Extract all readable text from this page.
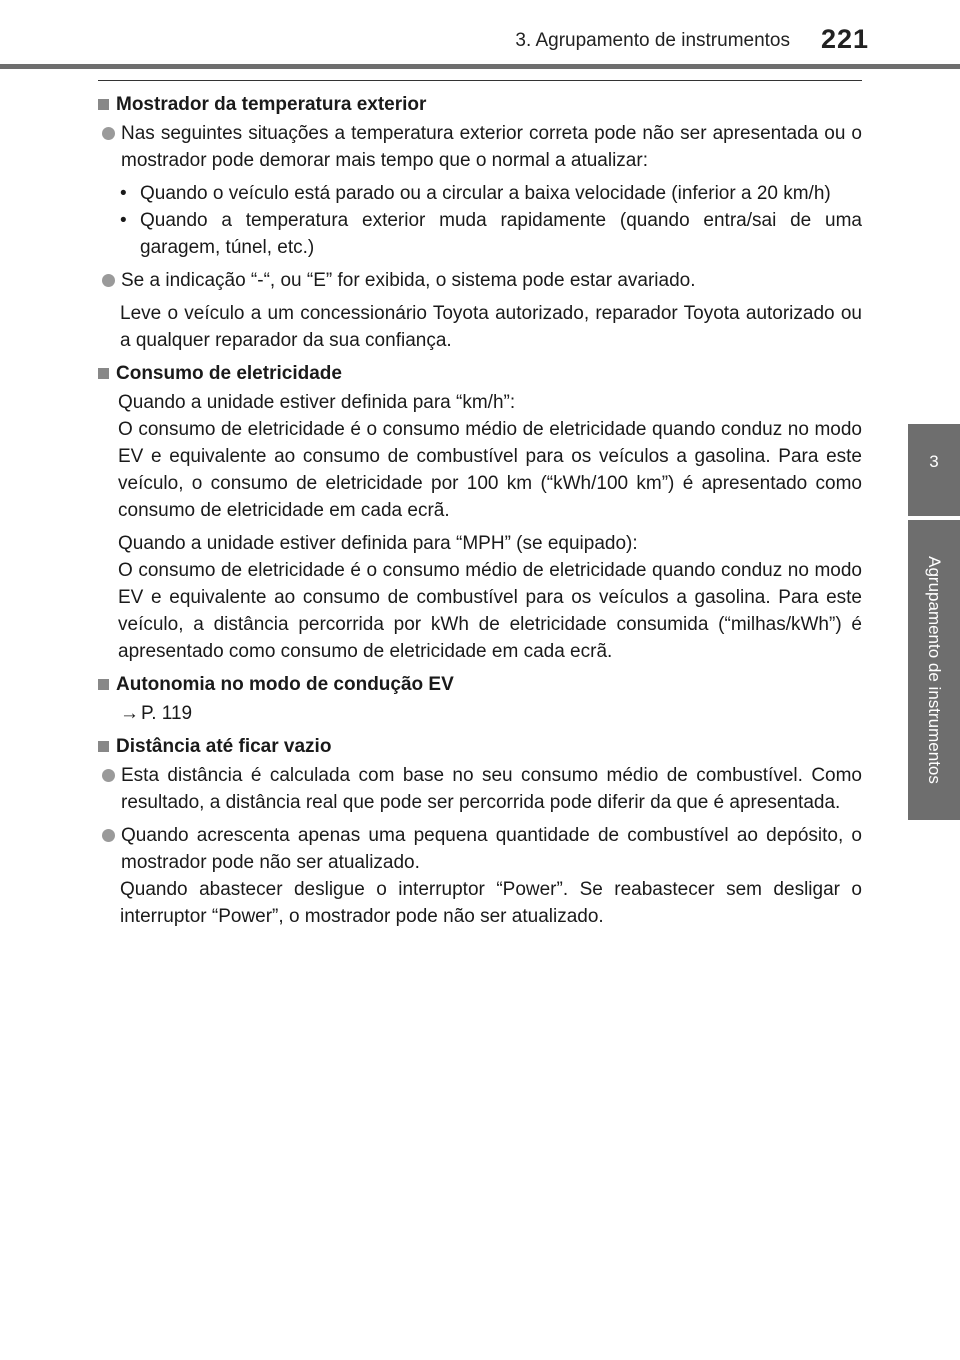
3. Agrupamento de instrumentos	221
3
Agrupamento de instrumentos
Mostrador da temperatura exterior
Nas seguintes situações a temperatura exterior correta pode não ser apresentada ou o mostrador pode demorar mais tempo que o normal a atualizar:
• Quando o veículo está parado ou a circular a baixa velocidade (inferior a 20 km/h)
• Quando a temperatura exterior muda rapidamente (quando entra/sai de uma garagem, túnel, etc.)
Se a indicação “-“, ou “E” for exibida, o sistema pode estar avariado.
Leve o veículo a um concessionário Toyota autorizado, reparador Toyota autorizado ou a qualquer reparador da sua confiança.
Consumo de eletricidade
Quando a unidade estiver definida para “km/h”:
O consumo de eletricidade é o consumo médio de eletricidade quando conduz no modo EV e equivalente ao consumo de combustível para os veículos a gasolina. Para este veículo, o consumo de eletricidade por 100 km (“kWh/100 km”) é apresentado como consumo de eletricidade em cada ecrã.
Quando a unidade estiver definida para “MPH” (se equipado):
O consumo de eletricidade é o consumo médio de eletricidade quando conduz no modo EV e equivalente ao consumo de combustível para os veículos a gasolina. Para este veículo, a distância percorrida por kWh de eletricidade consumida (“milhas/kWh”) é apresentado como consumo de eletricidade em cada ecrã.
Autonomia no modo de condução EV
→ P. 119
Distância até ficar vazio
Esta distância é calculada com base no seu consumo médio de combustível. Como resultado, a distância real que pode ser percorrida pode diferir da que é apresentada.
Quando acrescenta apenas uma pequena quantidade de combustível ao depósito, o mostrador pode não ser atualizado.
Quando abastecer desligue o interruptor “Power”. Se reabastecer sem desligar o interruptor “Power”, o mostrador pode não ser atualizado.
